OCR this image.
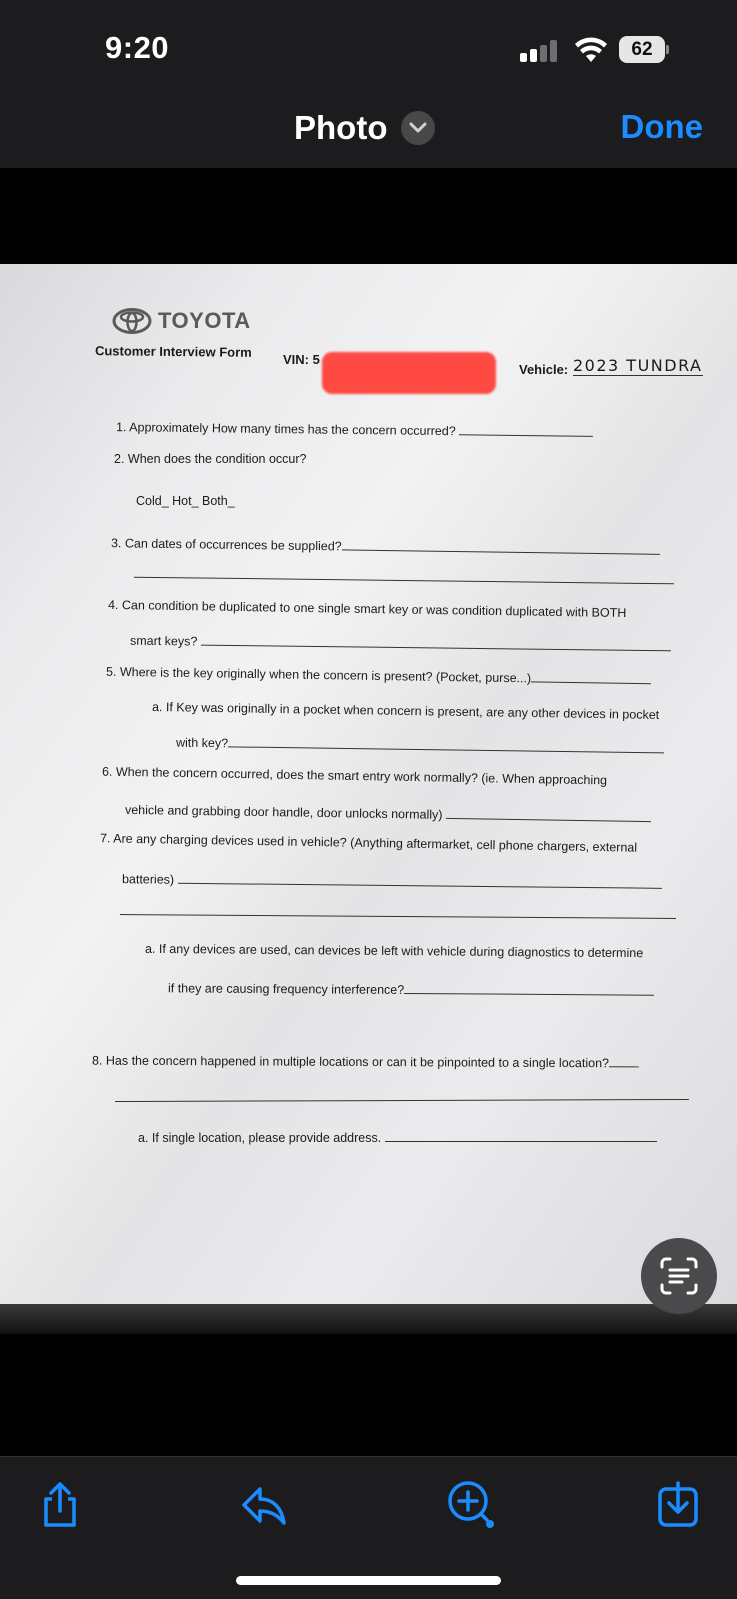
9:20	62
Photo	Done
TOYOTA
Customer Interview Form VIN: 5
Vehicle: 2023 TUNDRA
1. Approximately How many times has the concern occurred?
2. When does the condition occur?
Cold_ Hot_ Both_
3. Can dates of occurrences be supplied?
4. Can condition be duplicated to one single smart key or was condition duplicated with BOTH
smart keys?
5. Where is the key originally when the concern is present? (Pocket, purse...)
a. If Key was originally in a pocket when concern is present, are any other devices in pocket
with key?
6. When the concern occurred, does the smart entry work normally? (ie. When approaching
vehicle and grabbing door handle, door unlocks normally)
7. Are any charging devices used in vehicle? (Anything aftermarket, cell phone chargers, external
batteries)
a. If any devices are used, can devices be left with vehicle during diagnostics to determine
if they are causing frequency interference?
8. Has the concern happened in multiple locations or can it be pinpointed to a single location?
a. If single location, please provide address.
